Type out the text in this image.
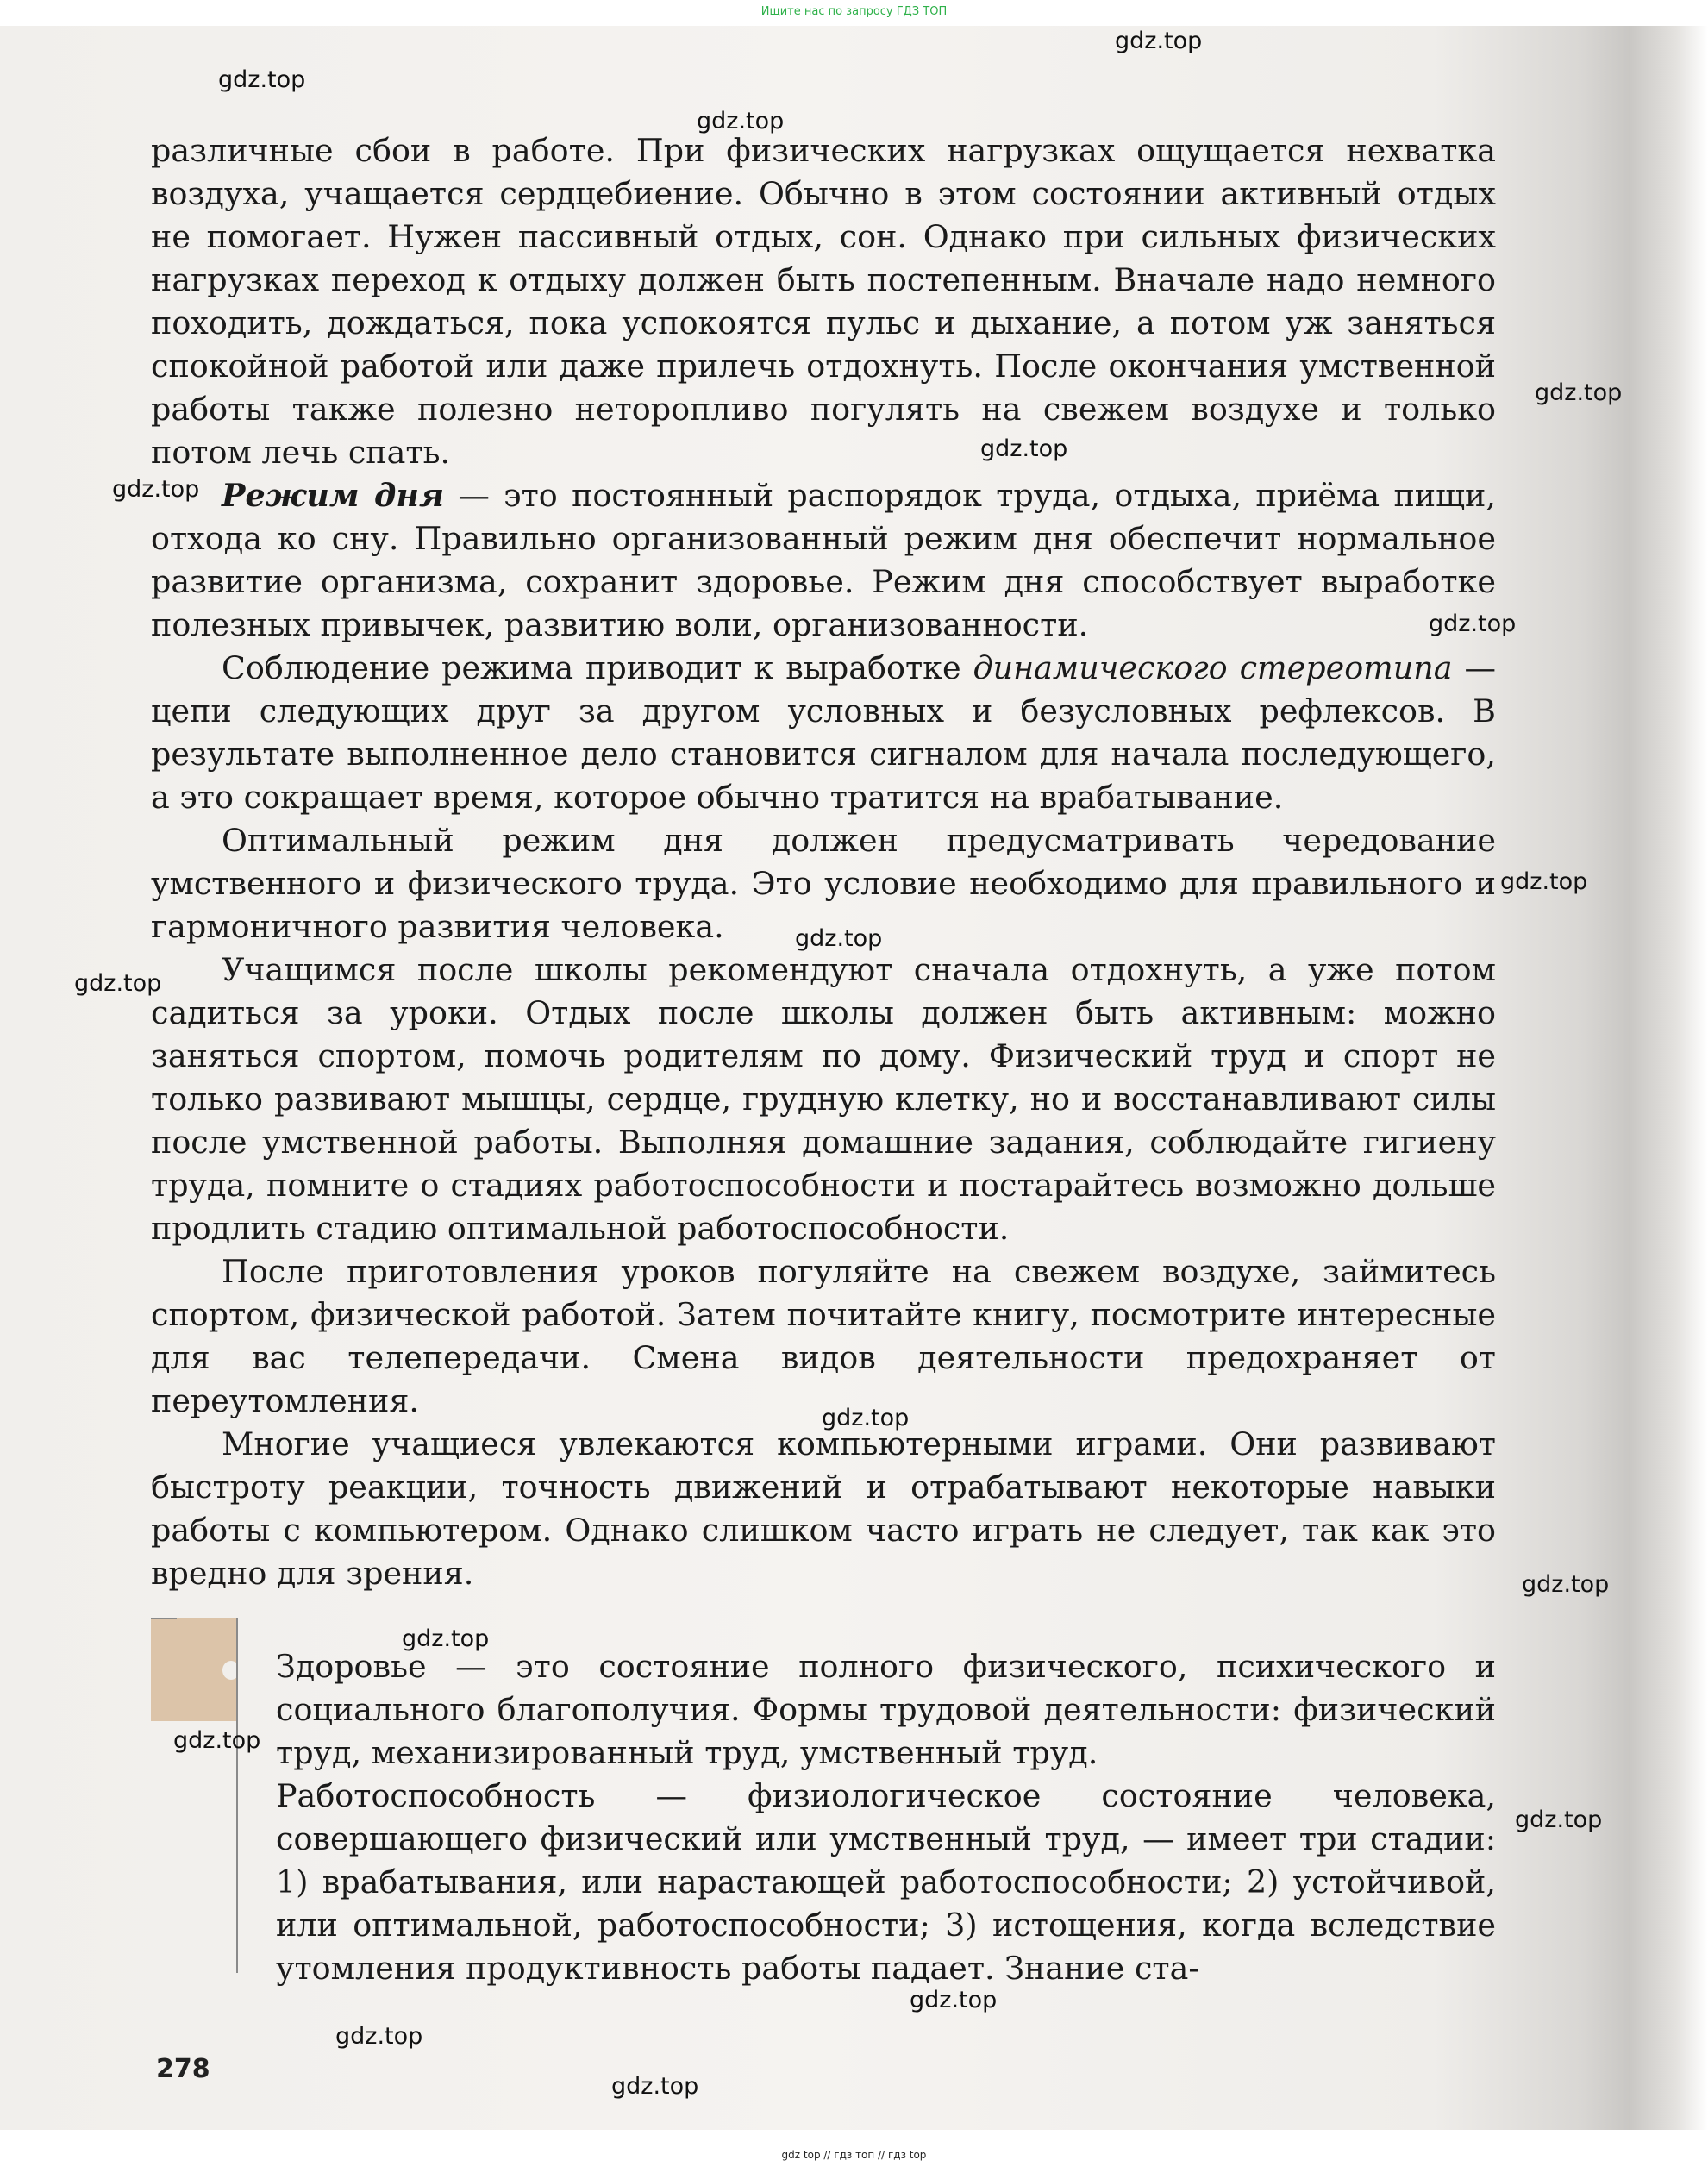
Ищите нас по запросу ГДЗ ТОП

различные сбои в работе. При физических нагрузках ощущается нехватка воздуха, учащается сердцебиение. Обычно в этом состоянии активный отдых не помогает. Нужен пассивный отдых, сон. Однако при сильных физических нагрузках переход к отдыху должен быть постепенным. Вначале надо немного походить, дождаться, пока успокоятся пульс и дыхание, а потом уж заняться спокойной работой или даже прилечь отдохнуть. После окончания умственной работы также полезно неторопливо погулять на свежем воздухе и только потом лечь спать.

Режим дня — это постоянный распорядок труда, отдыха, приёма пищи, отхода ко сну. Правильно организованный режим дня обеспечит нормальное развитие организма, сохранит здоровье. Режим дня способствует выработке полезных привычек, развитию воли, организованности.

Соблюдение режима приводит к выработке динамического стереотипа — цепи следующих друг за другом условных и безусловных рефлексов. В результате выполненное дело становится сигналом для начала последующего, а это сокращает время, которое обычно тратится на врабатывание.

Оптимальный режим дня должен предусматривать чередование умственного и физического труда. Это условие необходимо для правильного и гармоничного развития человека.

Учащимся после школы рекомендуют сначала отдохнуть, а уже потом садиться за уроки. Отдых после школы должен быть активным: можно заняться спортом, помочь родителям по дому. Физический труд и спорт не только развивают мышцы, сердце, грудную клетку, но и восстанавливают силы после умственной работы. Выполняя домашние задания, соблюдайте гигиену труда, помните о стадиях работоспособности и постарайтесь возможно дольше продлить стадию оптимальной работоспособности.

После приготовления уроков погуляйте на свежем воздухе, займитесь спортом, физической работой. Затем почитайте книгу, посмотрите интересные для вас телепередачи. Смена видов деятельности предохраняет от переутомления.

Многие учащиеся увлекаются компьютерными играми. Они развивают быстроту реакции, точность движений и отрабатывают некоторые навыки работы с компьютером. Однако слишком часто играть не следует, так как это вредно для зрения.

Здоровье — это состояние полного физического, психического и социального благополучия. Формы трудовой деятельности: физический труд, механизированный труд, умственный труд.

Работоспособность — физиологическое состояние человека, совершающего физический или умственный труд, — имеет три стадии: 1) врабатывания, или нарастающей работоспособности; 2) устойчивой, или оптимальной, работоспособности; 3) истощения, когда вследствие утомления продуктивность работы падает. Знание ста-

278
gdz.top
gdz.top
gdz.top
gdz.top
gdz.top
gdz.top
gdz.top
gdz.top
gdz.top
gdz.top
gdz.top
gdz.top
gdz.top
gdz.top
gdz.top
gdz.top
gdz.top
gdz.top
gdz top // гдз топ // гдз top
